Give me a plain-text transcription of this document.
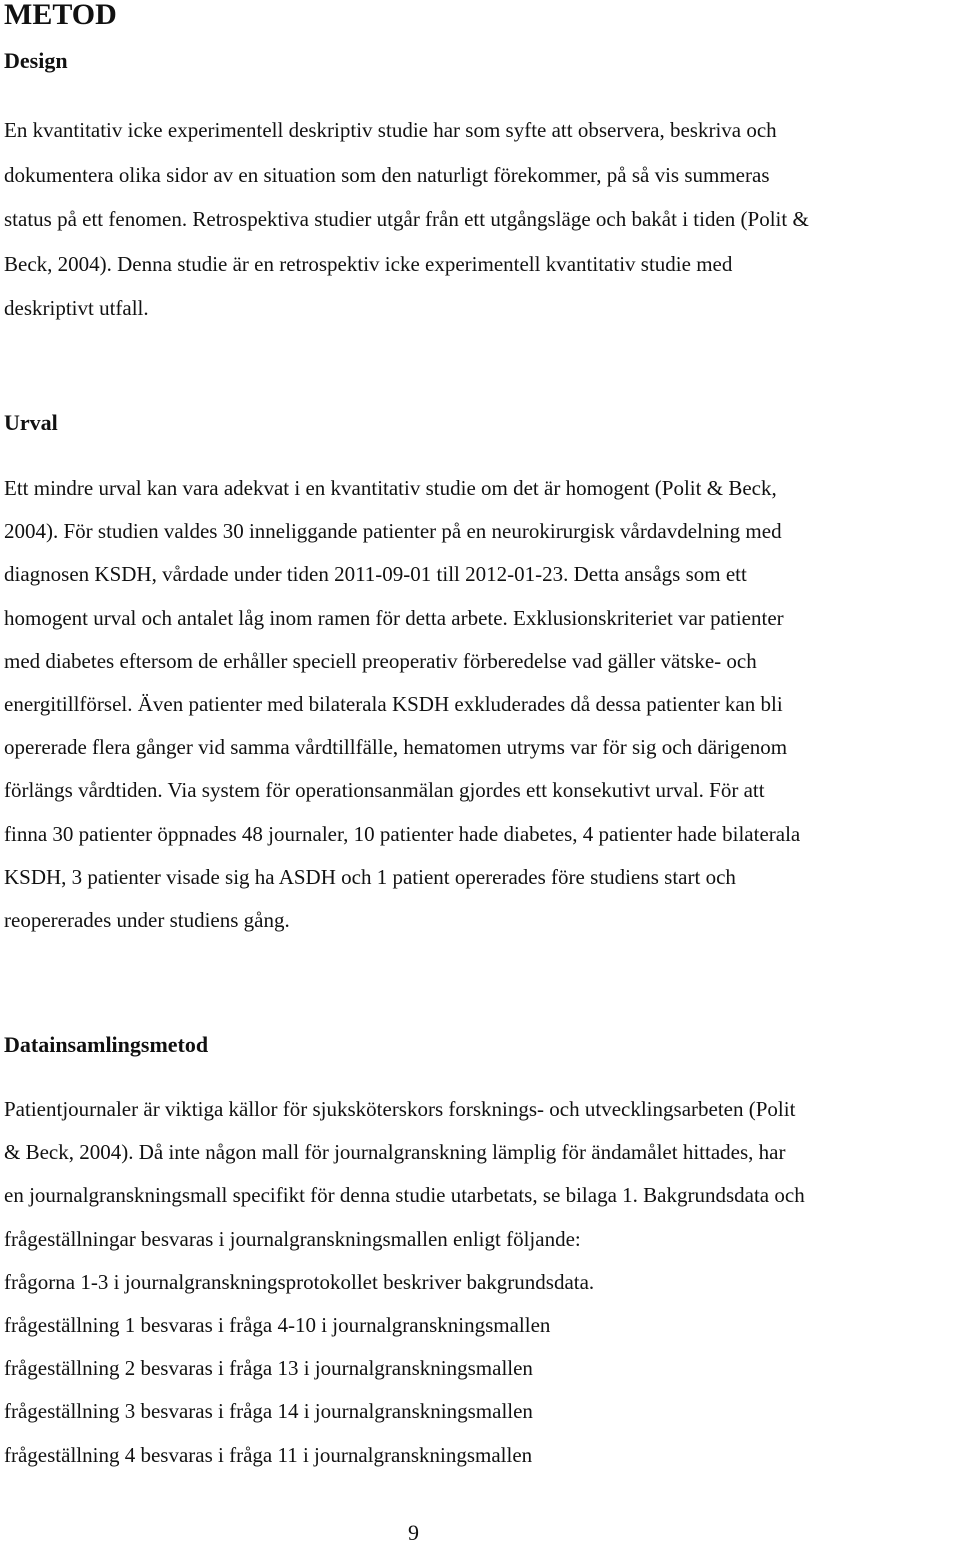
METOD
Design
En kvantitativ icke experimentell deskriptiv studie har som syfte att observera, beskriva och
dokumentera olika sidor av en situation som den naturligt förekommer, på så vis summeras
status på ett fenomen. Retrospektiva studier utgår från ett utgångsläge och bakåt i tiden (Polit &
Beck, 2004). Denna studie är en retrospektiv icke experimentell kvantitativ studie med
deskriptivt utfall.
Urval
Ett mindre urval kan vara adekvat i en kvantitativ studie om det är homogent (Polit & Beck,
2004). För studien valdes 30 inneliggande patienter på en neurokirurgisk vårdavdelning med
diagnosen KSDH, vårdade under tiden 2011-09-01 till 2012-01-23. Detta ansågs som ett
homogent urval och antalet låg inom ramen för detta arbete. Exklusionskriteriet var patienter
med diabetes eftersom de erhåller speciell preoperativ förberedelse vad gäller vätske- och
energitillförsel. Även patienter med bilaterala KSDH exkluderades då dessa patienter kan bli
opererade flera gånger vid samma vårdtillfälle, hematomen utryms var för sig och därigenom
förlängs vårdtiden. Via system för operationsanmälan gjordes ett konsekutivt urval. För att
finna 30 patienter öppnades 48 journaler, 10 patienter hade diabetes, 4 patienter hade bilaterala
KSDH, 3 patienter visade sig ha ASDH och 1 patient opererades före studiens start och
reopererades under studiens gång.
Datainsamlingsmetod
Patientjournaler är viktiga källor för sjuksköterskors forsknings- och utvecklingsarbeten (Polit
& Beck, 2004). Då inte någon mall för journalgranskning lämplig för ändamålet hittades, har
en journalgranskningsmall specifikt för denna studie utarbetats, se bilaga 1. Bakgrundsdata och
frågeställningar besvaras i journalgranskningsmallen enligt följande:
frågorna 1-3 i journalgranskningsprotokollet beskriver bakgrundsdata.
frågeställning 1 besvaras i fråga 4-10 i journalgranskningsmallen
frågeställning 2 besvaras i fråga 13 i journalgranskningsmallen
frågeställning 3 besvaras i fråga 14 i journalgranskningsmallen
frågeställning 4 besvaras i fråga 11 i journalgranskningsmallen
9
